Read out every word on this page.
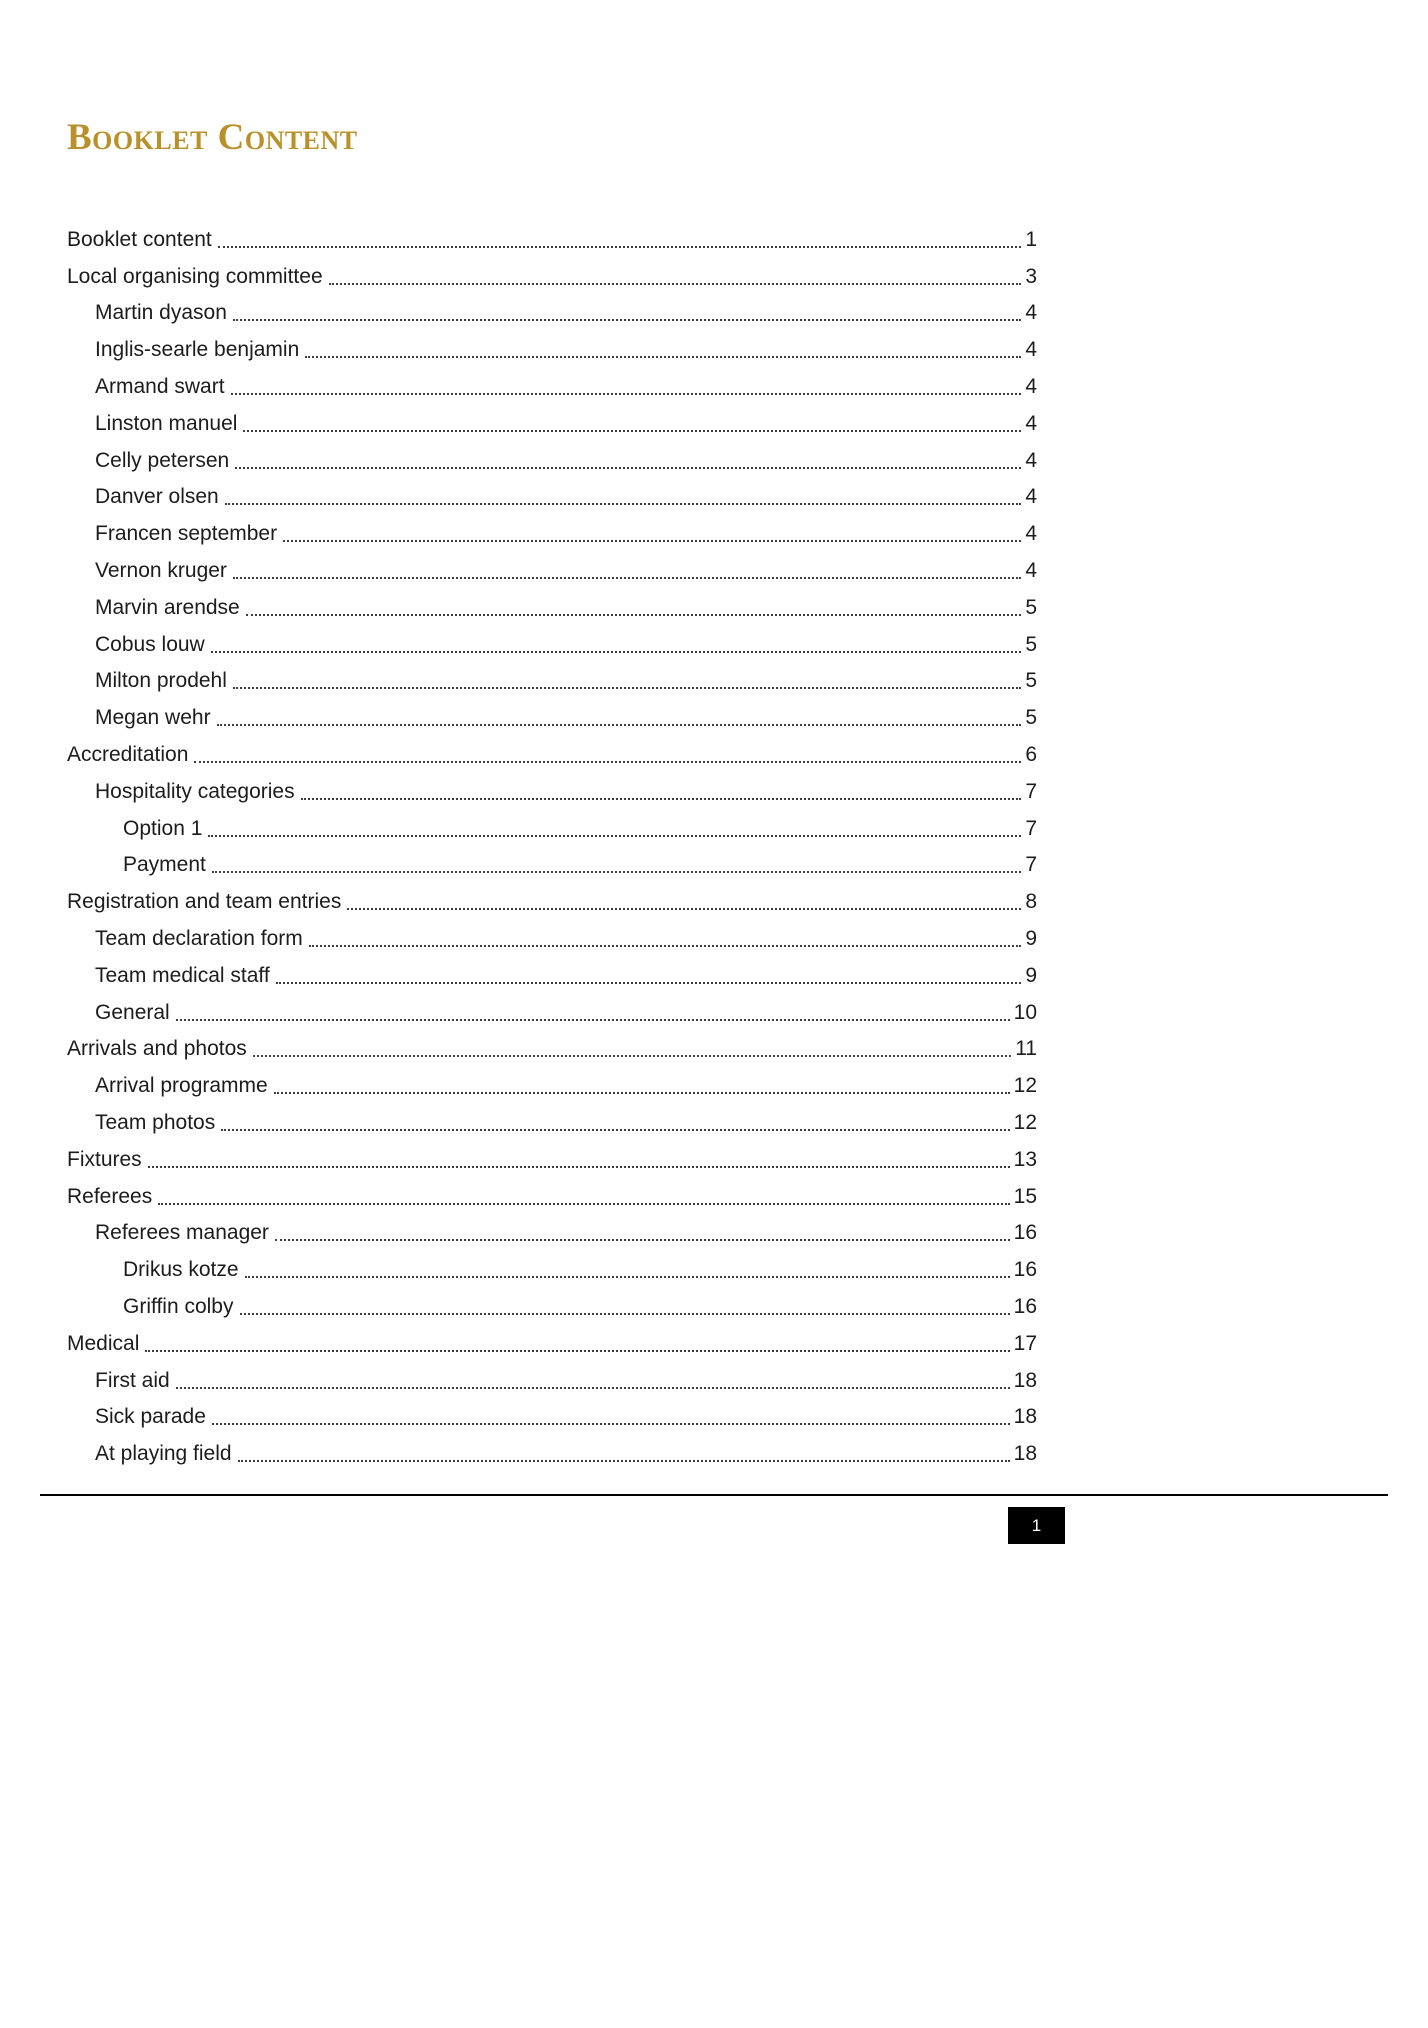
Booklet Content
Booklet content	1
Local organising committee	3
Martin dyason	4
Inglis-searle benjamin	4
Armand swart	4
Linston manuel	4
Celly petersen	4
Danver olsen	4
Francen september	4
Vernon kruger	4
Marvin arendse	5
Cobus louw	5
Milton prodehl	5
Megan wehr	5
Accreditation	6
Hospitality categories	7
Option 1	7
Payment	7
Registration and team entries	8
Team declaration form	9
Team medical staff	9
General	10
Arrivals and photos	11
Arrival programme	12
Team photos	12
Fixtures	13
Referees	15
Referees manager	16
Drikus kotze	16
Griffin colby	16
Medical	17
First aid	18
Sick parade	18
At playing field	18
1
